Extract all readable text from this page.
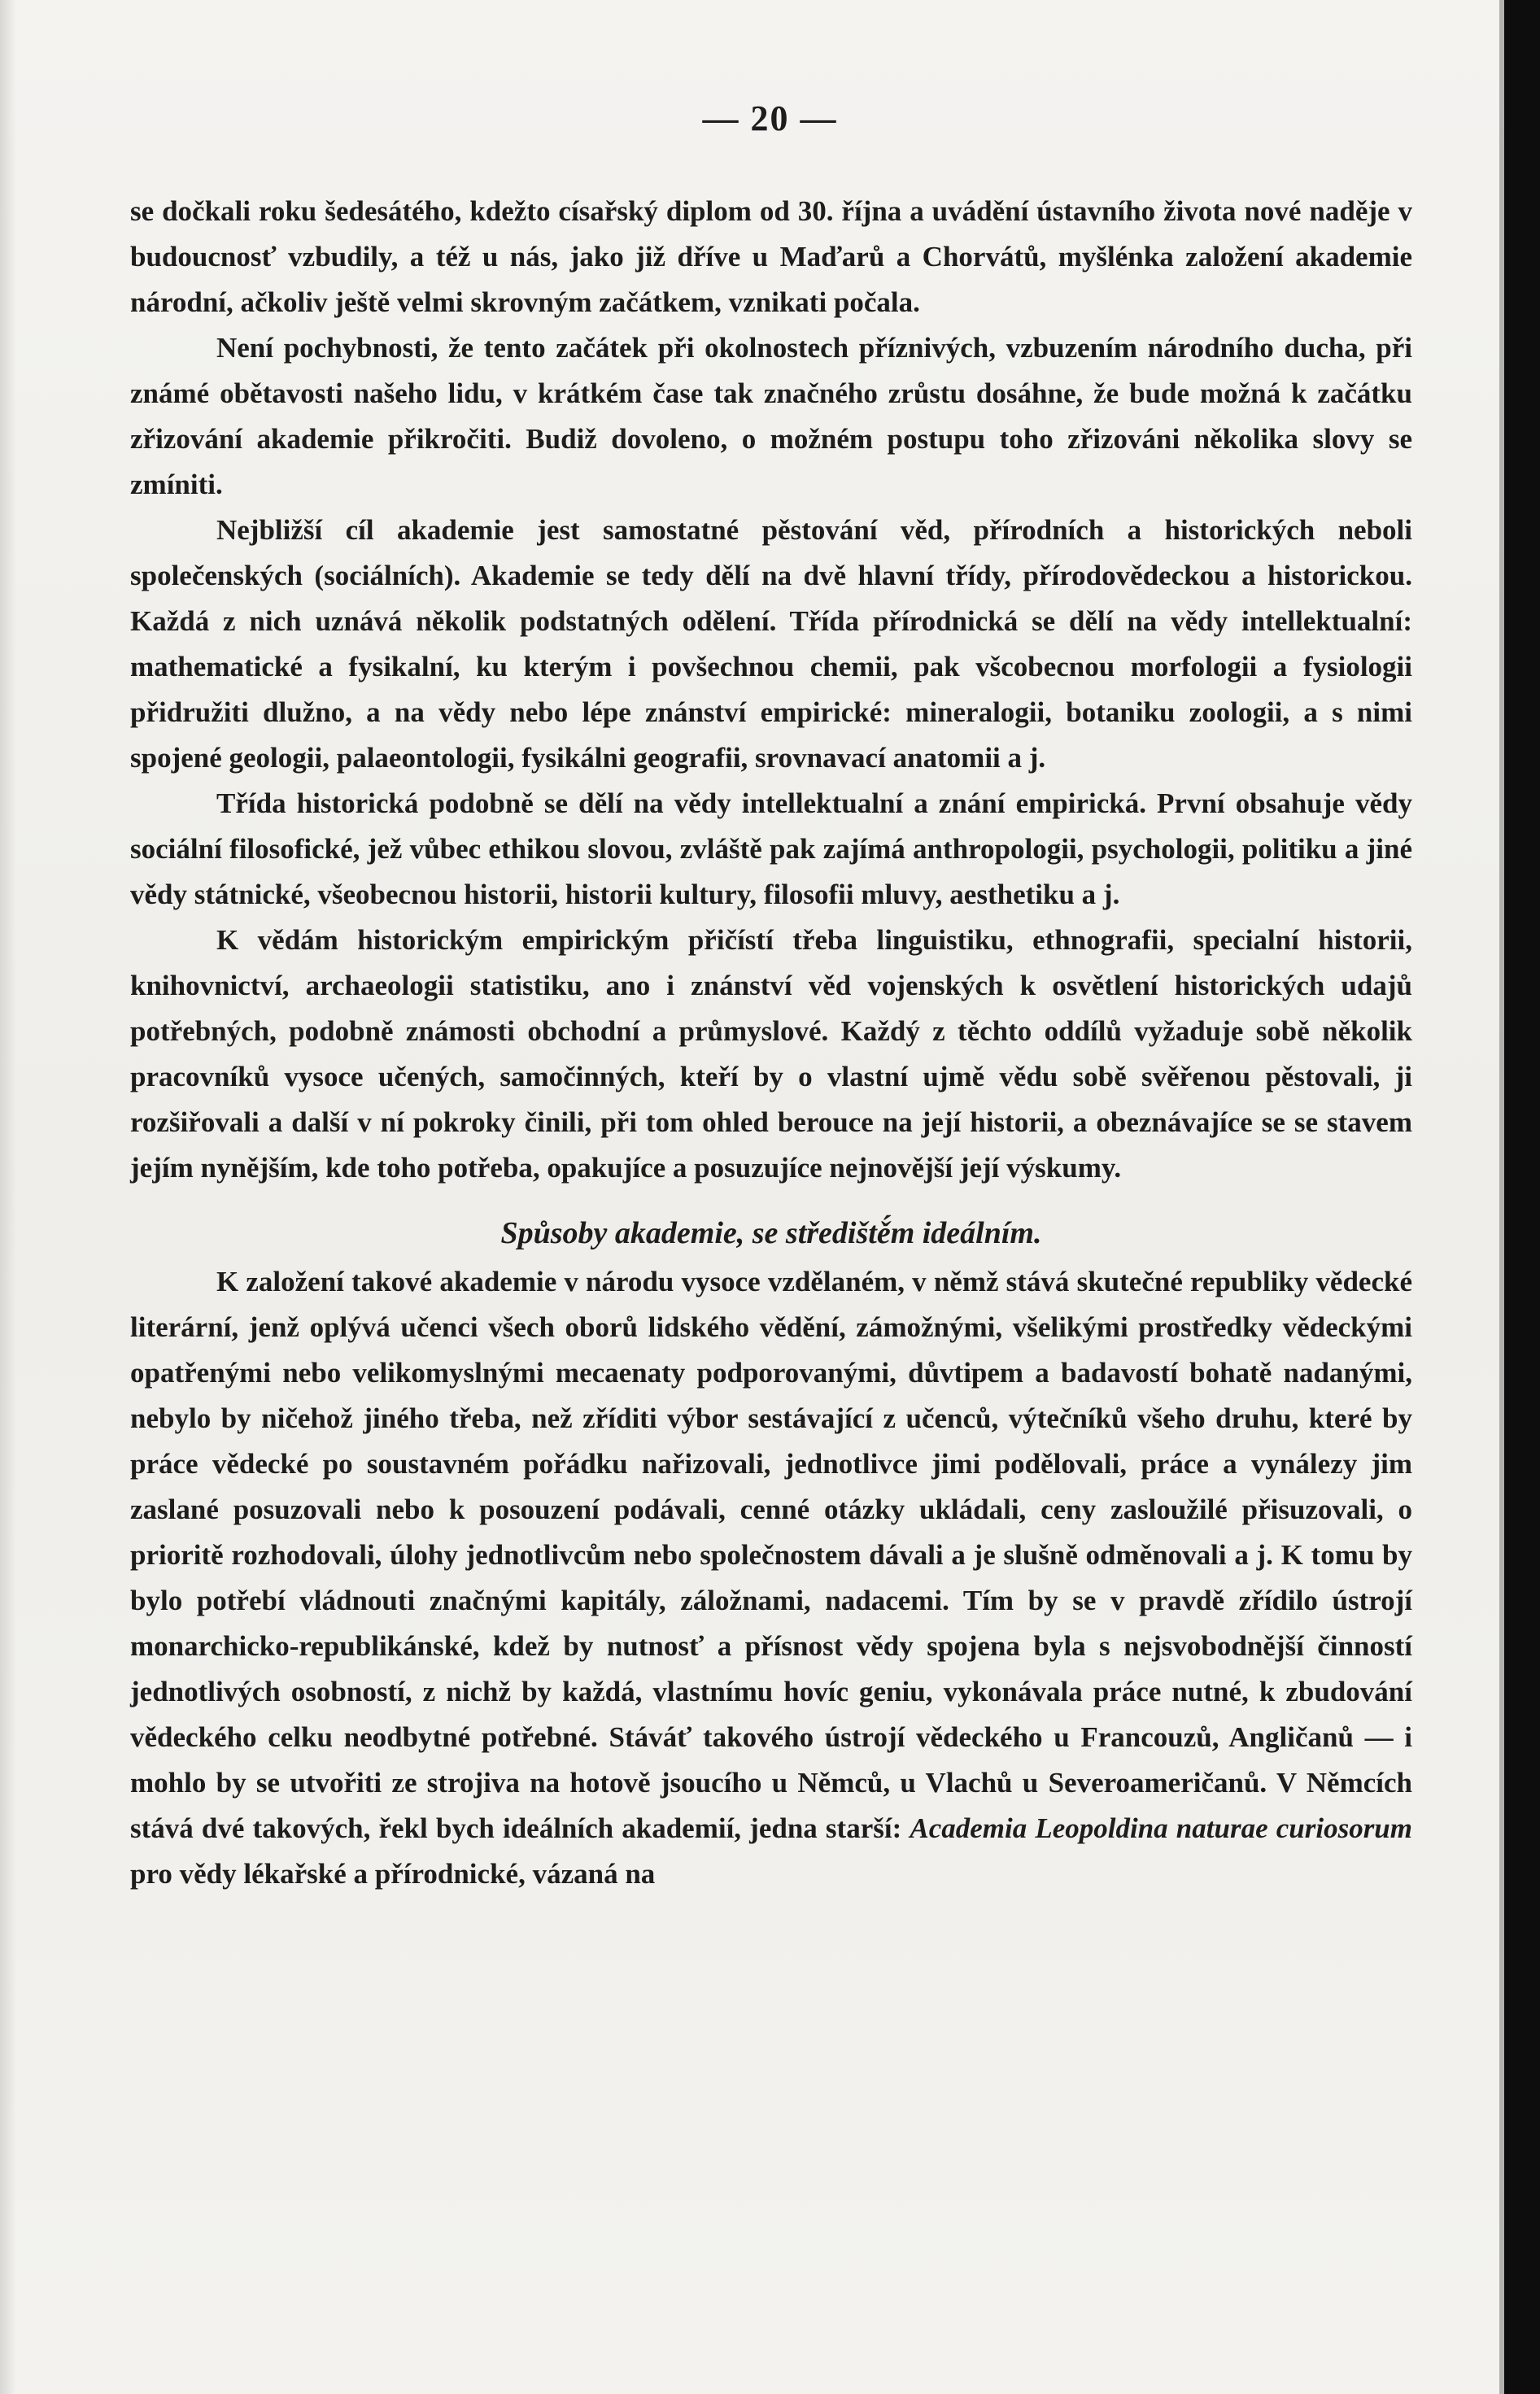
— 20 —

se dočkali roku šedesátého, kdežto císařský diplom od 30. října a uvádění ústavního života nové naděje v budoucnosť vzbudily, a též u nás, jako již dříve u Maďarů a Chorvátů, myšlénka založení akademie národní, ačkoliv ještě velmi skrovným začátkem, vznikati počala.

Není pochybnosti, že tento začátek při okolnostech příznivých, vzbuzením národního ducha, při známé obětavosti našeho lidu, v krátkém čase tak značného zrůstu dosáhne, že bude možná k začátku zřizování akademie přikročiti. Budiž dovoleno, o možném postupu toho zřizováni několika slovy se zmíniti.

Nejbližší cíl akademie jest samostatné pěstování věd, přírodních a historických neboli společenských (sociálních). Akademie se tedy dělí na dvě hlavní třídy, přírodovědeckou a historickou. Každá z nich uznává několik podstatných odělení. Třída přírodnická se dělí na vědy intellektualní: mathematické a fysikalní, ku kterým i povšechnou chemii, pak všcobecnou morfologii a fysiologii přidružiti dlužno, a na vědy nebo lépe znánství empirické: mineralogii, botaniku zoologii, a s nimi spojené geologii, palaeontologii, fysikálni geografii, srovnavací anatomii a j.

Třída historická podobně se dělí na vědy intellektualní a znání empirická. První obsahuje vědy sociální filosofické, jež vůbec ethikou slovou, zvláště pak zajímá anthropologii, psychologii, politiku a jiné vědy státnické, všeobecnou historii, historii kultury, filosofii mluvy, aesthetiku a j.

K vědám historickým empirickým přičístí třeba linguistiku, ethnografii, specialní historii, knihovnictví, archaeologii statistiku, ano i znánství věd vojenských k osvětlení historických udajů potřebných, podobně známosti obchodní a průmyslové. Každý z těchto oddílů vyžaduje sobě několik pracovníků vysoce učených, samočinných, kteří by o vlastní ujmě vědu sobě svěřenou pěstovali, ji rozšiřovali a další v ní pokroky činili, při tom ohled berouce na její historii, a obeznávajíce se se stavem jejím nynějším, kde toho potřeba, opakujíce a posuzujíce nejnovější její výskumy.

Spůsoby akademie, se střediště́m ideálním.

K založení takové akademie v národu vysoce vzdělaném, v němž stává skutečné republiky vědecké literární, jenž oplývá učenci všech oborů lidského vědění, zámožnými, všelikými prostředky vědeckými opatřenými nebo velikomyslnými mecaenaty podporovanými, důvtipem a badavostí bohatě nadanými, nebylo by ničehož jiného třeba, než zříditi výbor sestávající z učenců, výtečníků všeho druhu, které by práce vědecké po soustavném pořádku nařizovali, jednotlivce jimi podělovali, práce a vynálezy jim zaslané posuzovali nebo k posouzení podávali, cenné otázky ukládali, ceny zasloužilé přisuzovali, o prioritě rozhodovali, úlohy jednotlivcům nebo společnostem dávali a je slušně odměnovali a j. K tomu by bylo potřebí vládnouti značnými kapitály, záložnami, nadacemi. Tím by se v pravdě zřídilo ústrojí monarchicko-republikánské, kdež by nutnosť a přísnost vědy spojena byla s nejsvobodnější činností jednotlivých osobností, z nichž by každá, vlastnímu hovíc geniu, vykonávala práce nutné, k zbudování vědeckého celku neodbytné potřebné. Stáváť takového ústrojí vědeckého u Francouzů, Angličanů — i mohlo by se utvořiti ze strojiva na hotově jsoucího u Němců, u Vlachů u Severoameričanů. V Němcích stává dvé takových, řekl bych ideálních akademií, jedna starší: Academia Leopoldina naturae curiosorum pro vědy lékařské a přírodnické, vázaná na
